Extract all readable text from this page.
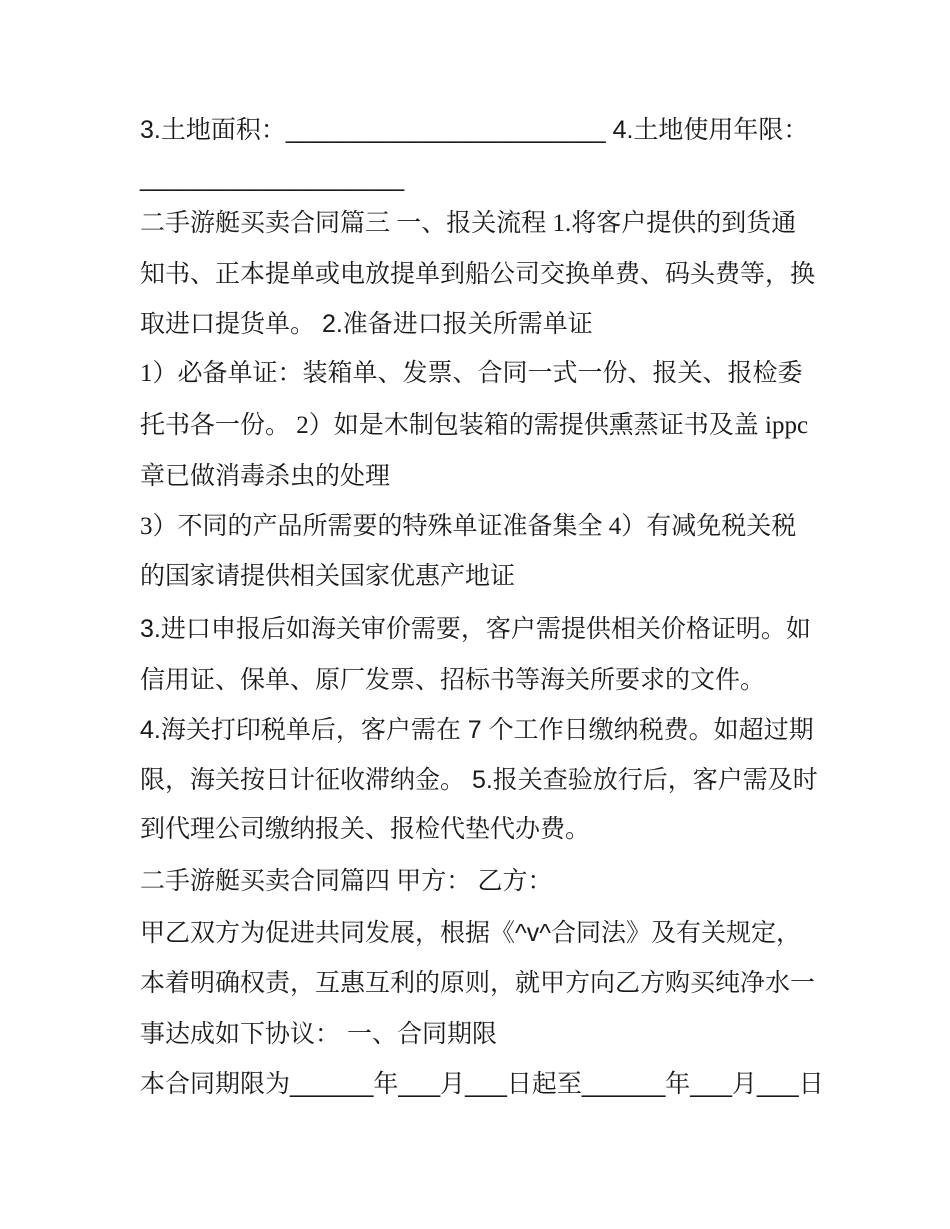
3.土地面积：_______________________ 4.土地使用年限：
___________________
二手游艇买卖合同篇三 一、报关流程 1.将客户提供的到货通
知书、正本提单或电放提单到船公司交换单费、码头费等，换
取进口提货单。 2.准备进口报关所需单证
1）必备单证：装箱单、发票、合同一式一份、报关、报检委
托书各一份。 2）如是木制包装箱的需提供熏蒸证书及盖 ippc
章已做消毒杀虫的处理
3）不同的产品所需要的特殊单证准备集全 4）有减免税关税
的国家请提供相关国家优惠产地证
3.进口申报后如海关审价需要，客户需提供相关价格证明。如
信用证、保单、原厂发票、招标书等海关所要求的文件。
4.海关打印税单后，客户需在 7 个工作日缴纳税费。如超过期
限，海关按日计征收滞纳金。 5.报关查验放行后，客户需及时
到代理公司缴纳报关、报检代垫代办费。
二手游艇买卖合同篇四 甲方： 乙方：
甲乙双方为促进共同发展，根据《^v^合同法》及有关规定，
本着明确权责，互惠互利的原则，就甲方向乙方购买纯净水一
事达成如下协议： 一、合同期限
本合同期限为______年___月___日起至______年___月___日
